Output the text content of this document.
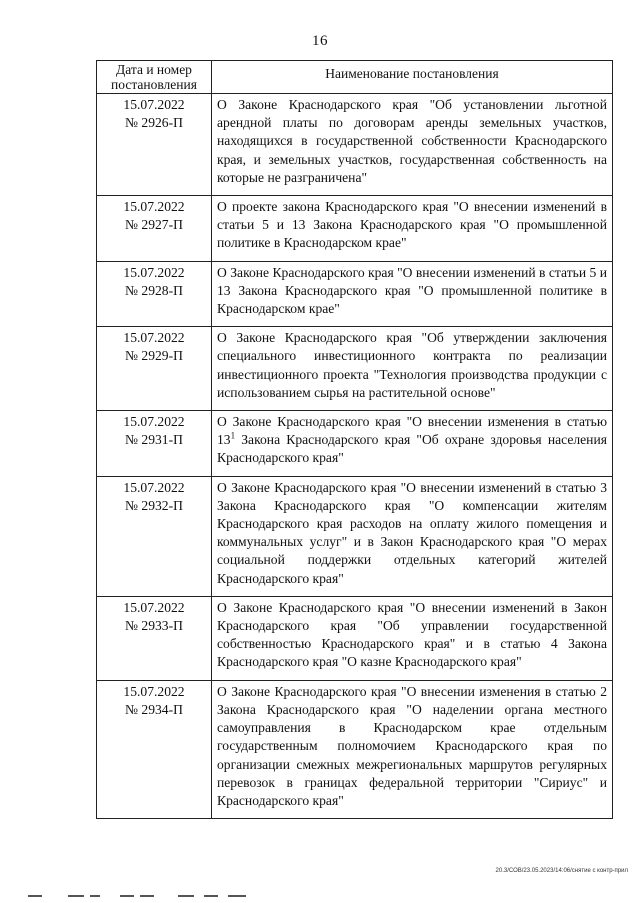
16
Дата и номер постановления	Наименование постановления

15.07.2022
№ 2926-П	О Законе Краснодарского края "Об установлении льготной арендной платы по договорам аренды земельных участков, находящихся в государственной собственности Краснодарского края, и земельных участков, государственная собственность на которые не разграничена"

15.07.2022
№ 2927-П	О проекте закона Краснодарского края "О внесении изменений в статьи 5 и 13 Закона Краснодарского края "О промышленной политике в Краснодарском крае"

15.07.2022
№ 2928-П	О Законе Краснодарского края "О внесении изменений в статьи 5 и 13 Закона Краснодарского края "О промышленной политике в Краснодарском крае"

15.07.2022
№ 2929-П	О Законе Краснодарского края "Об утверждении заключения специального инвестиционного контракта по реализации инвестиционного проекта "Технология производства продукции с использованием сырья на растительной основе"

15.07.2022
№ 2931-П	О Законе Краснодарского края "О внесении изменения в статью $13^1$ Закона Краснодарского края "Об охране здоровья населения Краснодарского края"

15.07.2022
№ 2932-П	О Законе Краснодарского края "О внесении изменений в статью 3 Закона Краснодарского края "О компенсации жителям Краснодарского края расходов на оплату жилого помещения и коммунальных услуг" и в Закон Краснодарского края "О мерах социальной поддержки отдельных категорий жителей Краснодарского края"

15.07.2022
№ 2933-П	О Законе Краснодарского края "О внесении изменений в Закон Краснодарского края "Об управлении государственной собственностью Краснодарского края" и в статью 4 Закона Краснодарского края "О казне Краснодарского края"

15.07.2022
№ 2934-П	О Законе Краснодарского края "О внесении изменения в статью 2 Закона Краснодарского края "О наделении органа местного самоуправления в Краснодарском крае отдельным государственным полномочием Краснодарского края по организации смежных межрегиональных маршрутов регулярных перевозок в границах федеральной территории "Сириус" и Краснодарского края"
20.3/СОВ/23.05.2023/14:06/снятие с контр-прил
